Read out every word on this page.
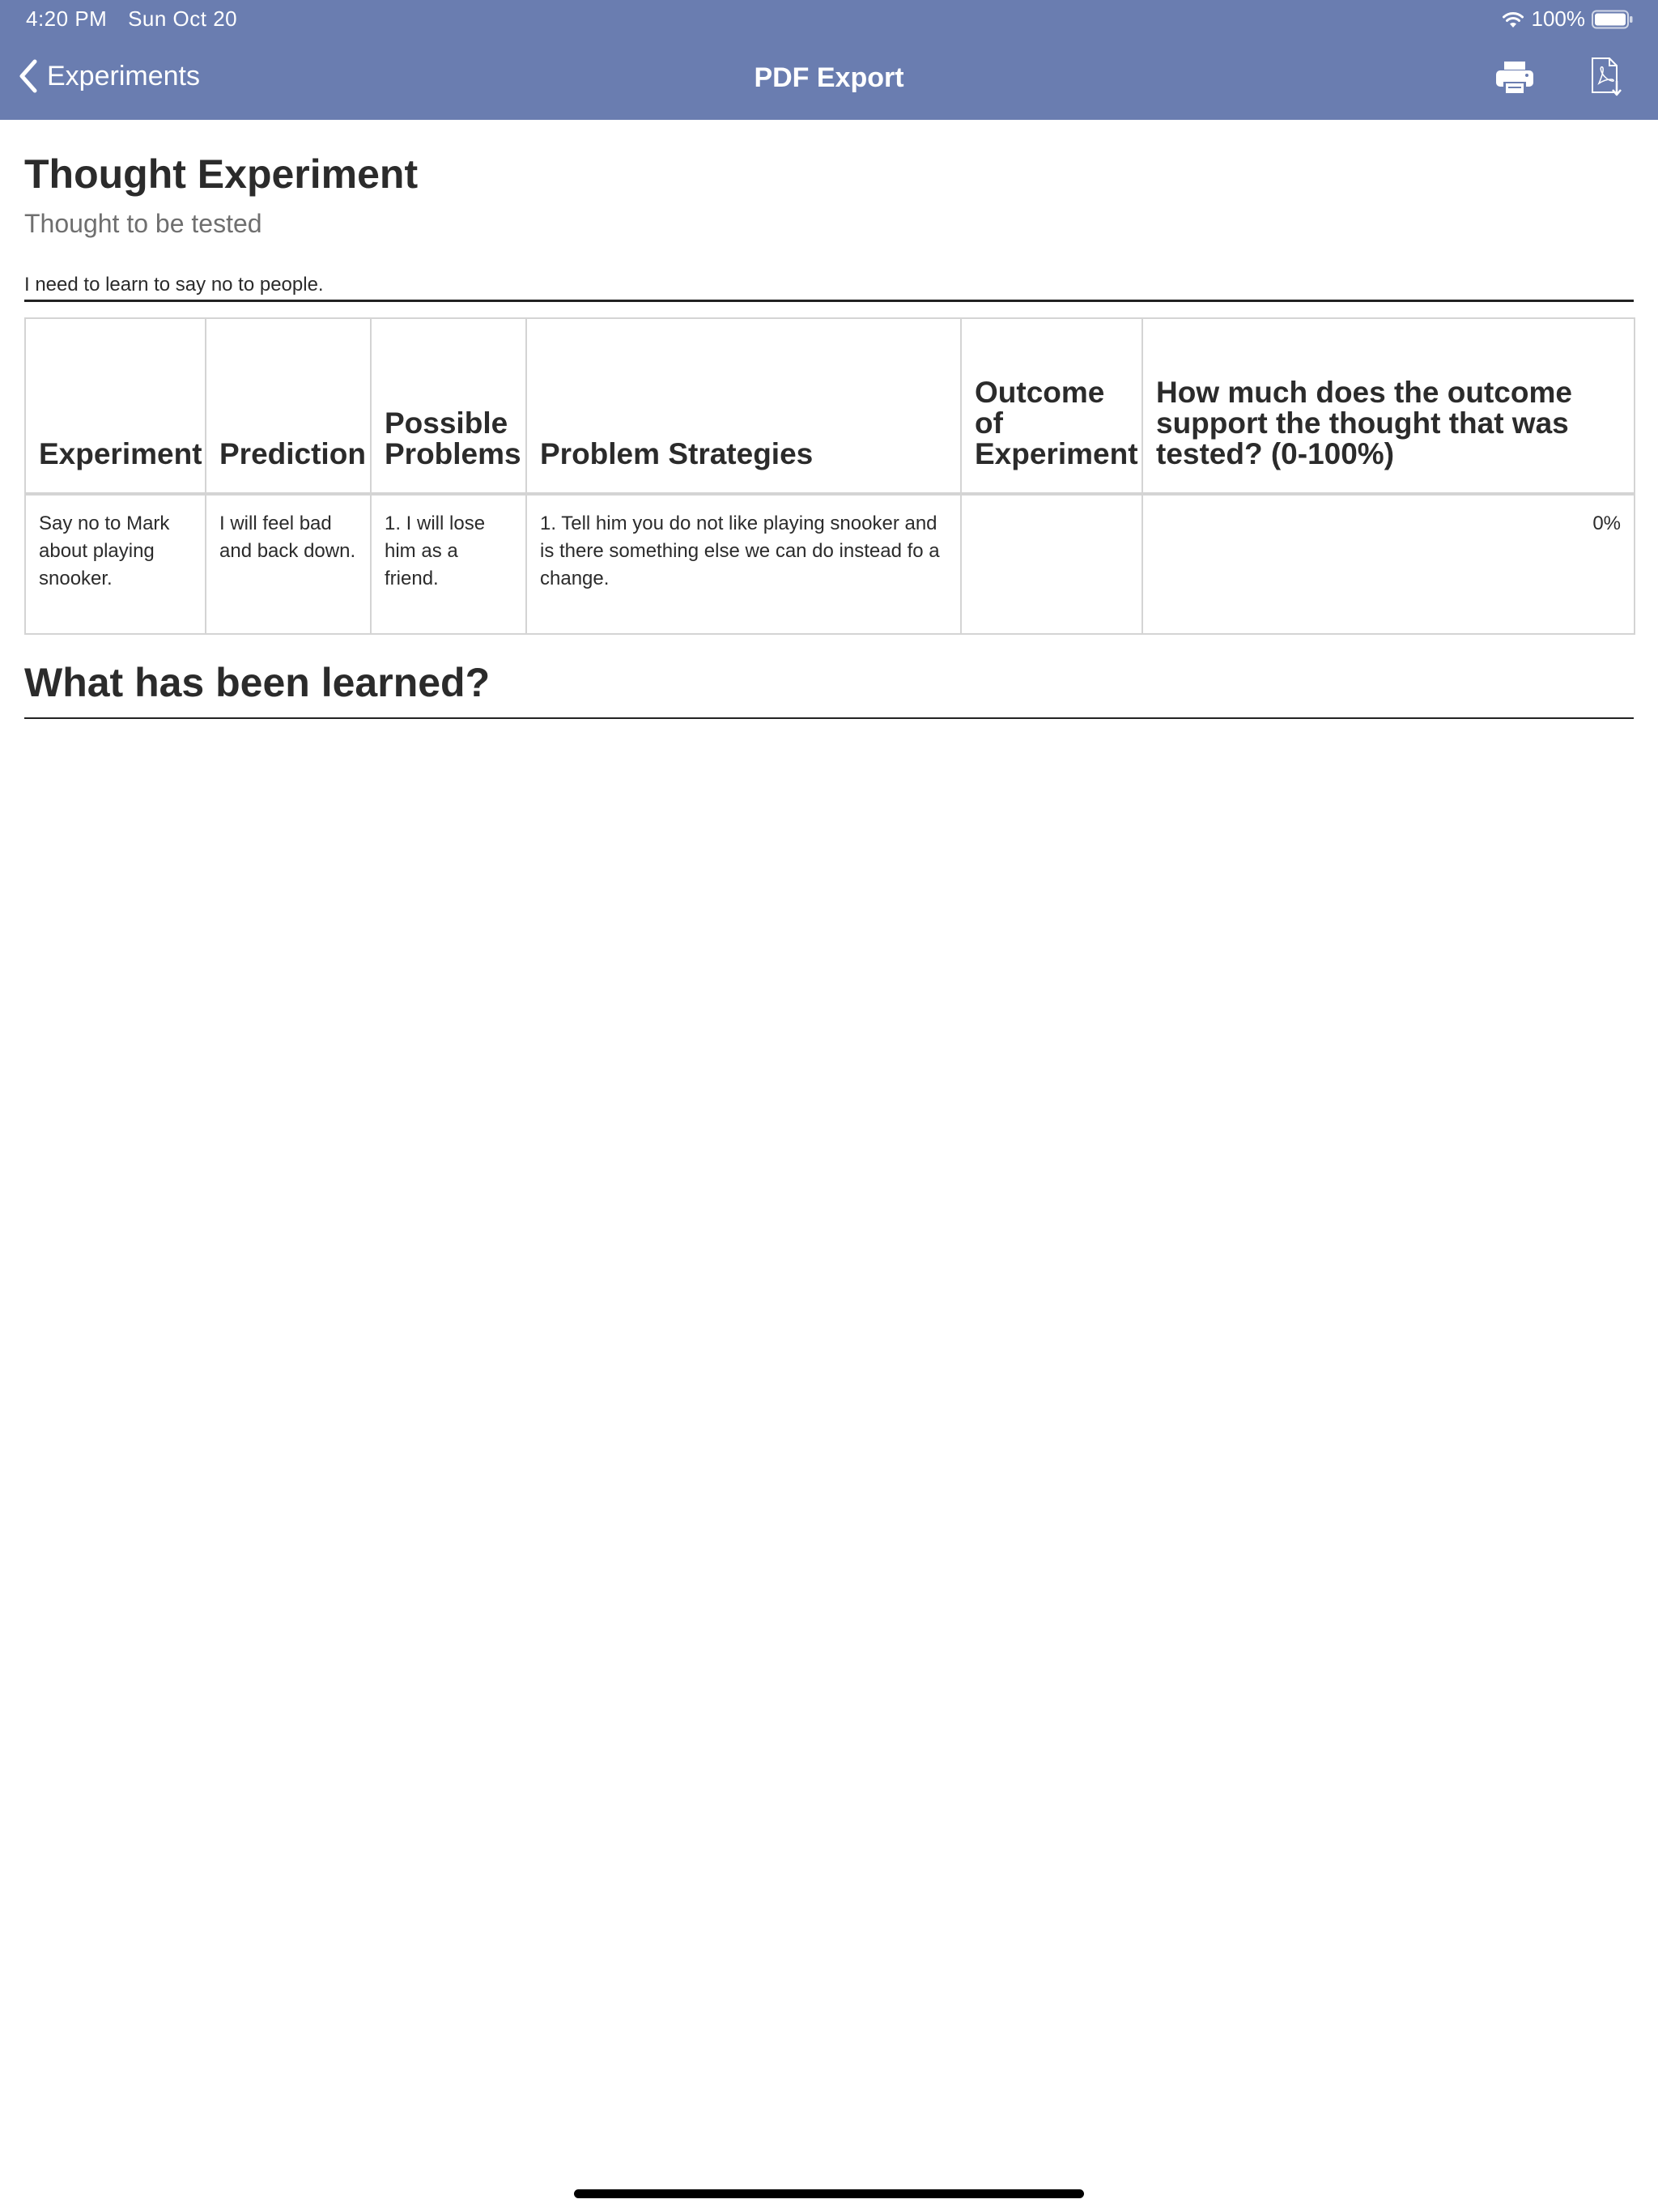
4:20 PM Sun Oct 20	100%
Experiments	PDF Export
Thought Experiment
Thought to be tested
I need to learn to say no to people.
Experiment	Prediction	Possible Problems	Problem Strategies	Outcome of Experiment	How much does the outcome support the thought that was tested? (0-100%)
Say no to Mark about playing snooker.	I will feel bad and back down.	1. I will lose him as a friend.	1. Tell him you do not like playing snooker and is there something else we can do instead fo a change.		0%
What has been learned?
